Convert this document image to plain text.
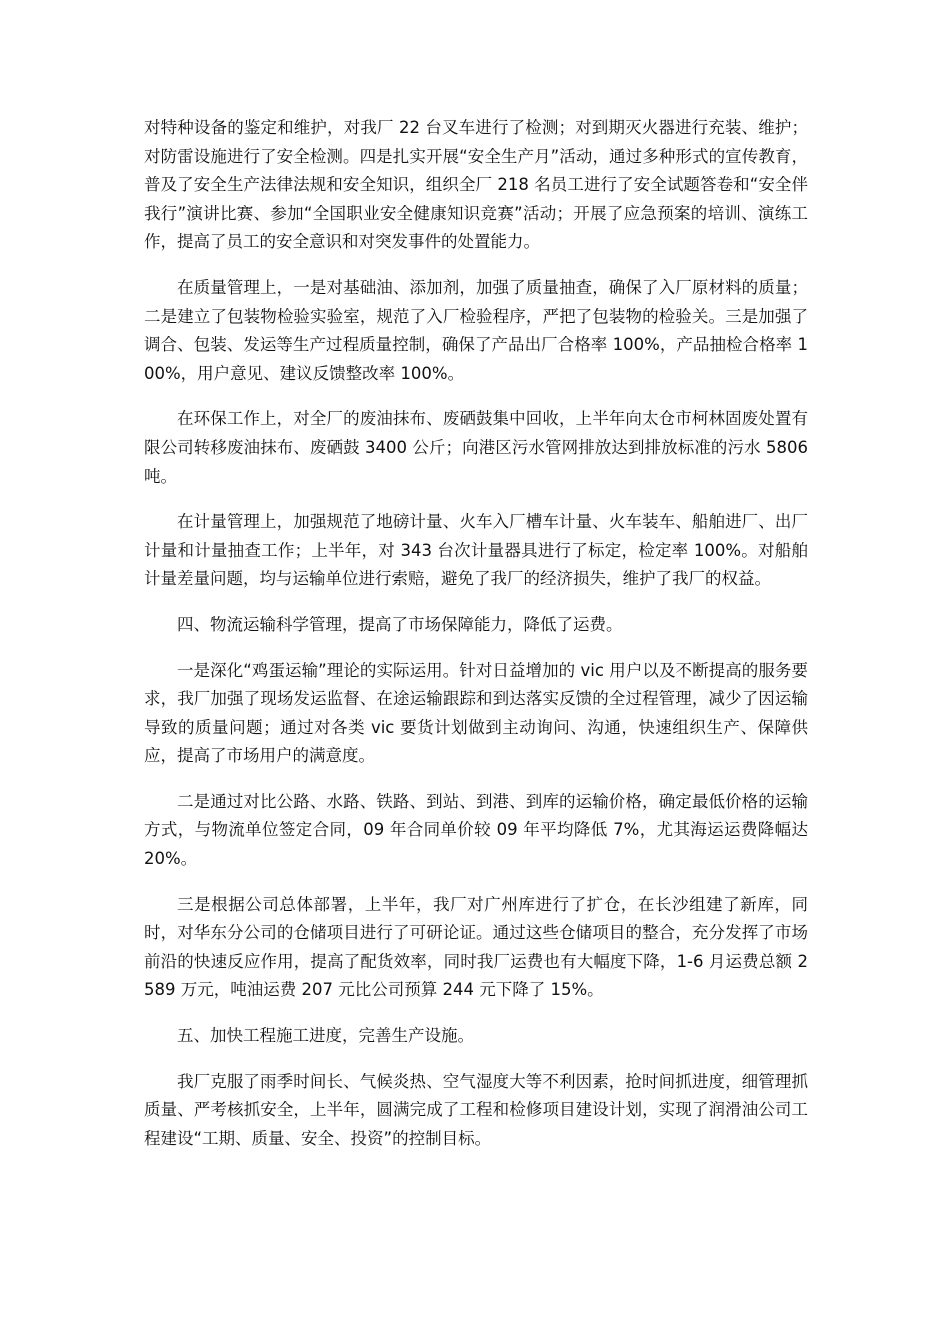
对特种设备的鉴定和维护，对我厂 22 台叉车进行了检测；对到期灭火器进行充装、维护；对防雷设施进行了安全检测。四是扎实开展“安全生产月”活动，通过多种形式的宣传教育，普及了安全生产法律法规和安全知识，组织全厂 218 名员工进行了安全试题答卷和“安全伴我行”演讲比赛、参加“全国职业安全健康知识竞赛”活动；开展了应急预案的培训、演练工作，提高了员工的安全意识和对突发事件的处置能力。

在质量管理上，一是对基础油、添加剂，加强了质量抽查，确保了入厂原材料的质量；二是建立了包装物检验实验室，规范了入厂检验程序，严把了包装物的检验关。三是加强了调合、包装、发运等生产过程质量控制，确保了产品出厂合格率 100%，产品抽检合格率 100%，用户意见、建议反馈整改率 100%。

在环保工作上，对全厂的废油抹布、废硒鼓集中回收，上半年向太仓市柯林固废处置有限公司转移废油抹布、废硒鼓 3400 公斤；向港区污水管网排放达到排放标准的污水 5806 吨。

在计量管理上，加强规范了地磅计量、火车入厂槽车计量、火车装车、船舶进厂、出厂计量和计量抽查工作；上半年，对 343 台次计量器具进行了标定，检定率 100%。对船舶计量差量问题，均与运输单位进行索赔，避免了我厂的经济损失，维护了我厂的权益。

四、物流运输科学管理，提高了市场保障能力，降低了运费。

一是深化“鸡蛋运输”理论的实际运用。针对日益增加的 vic 用户以及不断提高的服务要求，我厂加强了现场发运监督、在途运输跟踪和到达落实反馈的全过程管理，减少了因运输导致的质量问题；通过对各类 vic 要货计划做到主动询问、沟通，快速组织生产、保障供应，提高了市场用户的满意度。

二是通过对比公路、水路、铁路、到站、到港、到库的运输价格，确定最低价格的运输方式，与物流单位签定合同，09 年合同单价较 09 年平均降低 7%，尤其海运运费降幅达 20%。

三是根据公司总体部署，上半年，我厂对广州库进行了扩仓，在长沙组建了新库，同时，对华东分公司的仓储项目进行了可研论证。通过这些仓储项目的整合，充分发挥了市场前沿的快速反应作用，提高了配货效率，同时我厂运费也有大幅度下降，1-6 月运费总额 2589 万元，吨油运费 207 元比公司预算 244 元下降了 15%。

五、加快工程施工进度，完善生产设施。

我厂克服了雨季时间长、气候炎热、空气湿度大等不利因素，抢时间抓进度，细管理抓质量、严考核抓安全，上半年，圆满完成了工程和检修项目建设计划，实现了润滑油公司工程建设“工期、质量、安全、投资”的控制目标。
